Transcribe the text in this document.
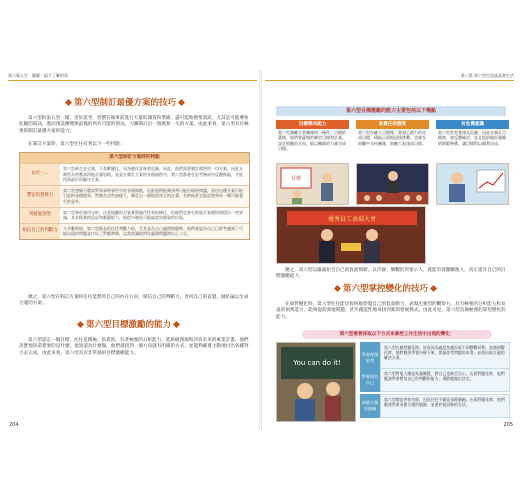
第六篇人生：應變一組不了解的事
第六型制訂最優方案的技巧
第六型的第五型一樣，善於思考，習慣在做事前進行大量的調查和準備，盡可能地搜集資訊，尤其是可能導致危險的資訊，進而預設應變與最後的所有可能的情況。力圖制訂出一個萬無一失的方案。由此來看，第六型具有極強的制訂最優方案的能力。
在制訂方案時，第六型往往有著以下一些特點：
第六型制訂方案時的特點
由於一...
第六型缺乏安全感，不喜歡變化。因為變化意味著危險。因此，他們需要制訂縝密的一切方案，因此五類型為害應該四能計畫思路。並是在制訂方案的各個過程中，第六型都會在思考層面中反覆推敲，才能找到最好的解決方案。
豐富的想像力
第六型想像力豐富對事事物事件中的各個節點，因此他們能夠預判可能出現的問題，評估這種方案可能引起的各種後果，然後在這些前提下，制訂出一個相當周全的計畫，有時候甚至能設想到每一種可能發生的意外。
突破瓶頸型	第六型善於運用分析，注重規劃的方案實際操作性和結構化，但他們也會在經過方案總結時提出一些異議，具有極強的反思和應變能力，能從中避免可能過度的後果的出現。
相信自己的判斷力	大多數時候，第六型都是很信任判斷力的，尤其是在自己處理問題時。他們會認為自己已經考慮到了可能出現的問題並作出了對應準備，這常常讓他們在處理問題時信心十足。
總之，第六型在制訂方案時往往能想到自己的內在方向，相信自己的判斷力，善用自己的直覺，做結論以生成合適的方案。
第六型目標激勵的能力
第六型認定一個目標，往往是積極、負責的，有著極強的分析能力，能夠做預測和評估未來的專業計畫。他們清楚地知道想要的是什麼，他知道為什麼做，他們就找到一個方向就有明確的方式，並能夠確實主動地付出各種努力去完成。由此來看，第六型具有非常強的目標激勵能力。
204
第三篇 第六型打造高品質生活
第六型目標激勵的能力主要包括以下幾點
目標導向能力
第六型激勵主要團隊的一條件，目標的選擇，他們會審慎的制定目標和計畫，設定相應的方向，能以團隊的力量完成目標。
目標
負責任的態度
第六型在確立目標後，會盡心盡力的完成目標，積極正面地迎接挑戰，也會在困難中支持團隊，鼓勵大家達成目標。
有危機意識
第六型常常會預見危險，因此在制訂目標時，會反覆檢討，並且提前做好風險的防範準備，讓目標得以順利完成。
優秀員工表揚大會
總之，第六型以嚴肅拒否自己的負面情緒，以冷靜、樂觀的形象示人，就能有效激勵他人，真正提升自己的目標激勵能力。
第六型掌控變化的技巧
在面對變化時，第六型往往能比較快地察覺自己的負面動力，表現出強烈的觀察力，具有極強的分析能力和長遠的預判能力，能夠提前發現問題，甚至創造性地尋找到新的發展模式，由此可見，第六型具備極強的掌控變化的能力。
第六型需要採取以下方式來掌控工作生活中出現的變化：
You can do it!
學會從頭思考
第六型在應對變化時，容易因為過度焦慮而看不到整體局勢。當遇到變化時，他們應該學會冷靜下來，從頭思考問題的本質，並找出最合適的解決方案。
學會相信自己
第六型對他人總是充滿懷疑，對自己也缺乏信心。在面對變化時，他們應該學會相信自己的判斷和能力，勇敢地做出決定。
承擔合理的風險
第六型總是害怕失敗，因此往往不願意承擔風險。在面對變化時，他們應該學會承擔合理的風險，並勇於嘗試新的方法。
205
